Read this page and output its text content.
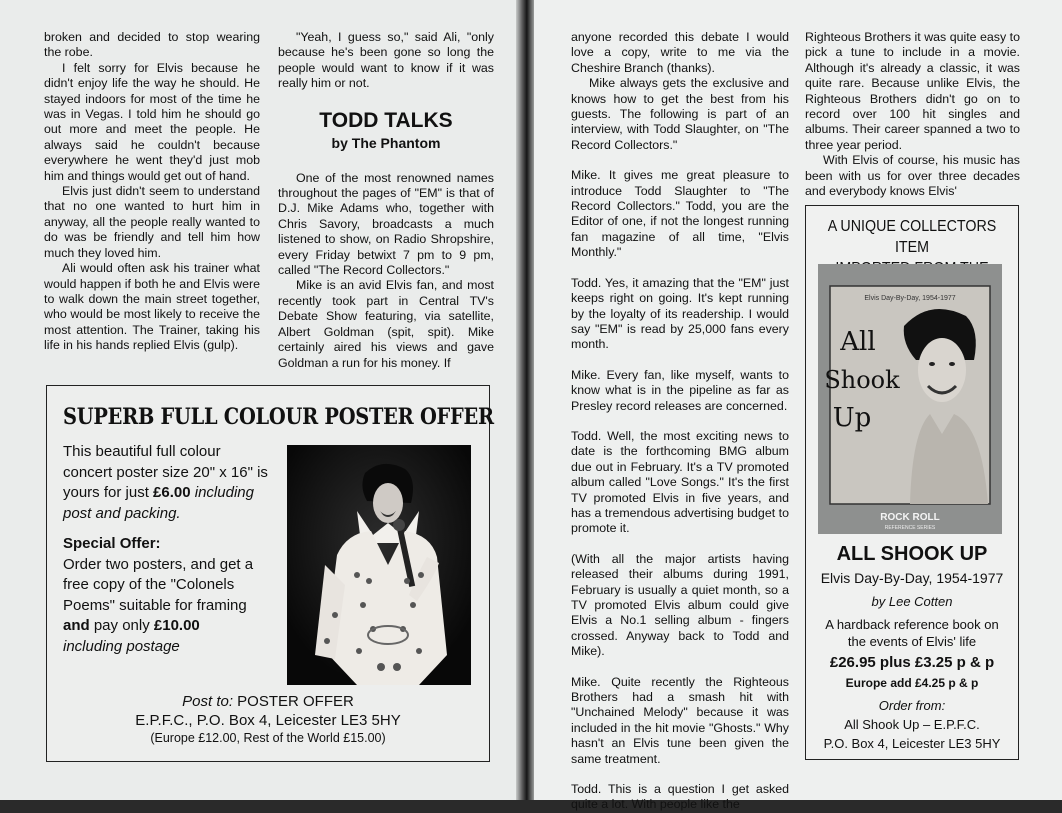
broken and decided to stop wearing the robe.

I felt sorry for Elvis because he didn't enjoy life the way he should. He stayed indoors for most of the time he was in Vegas. I told him he should go out more and meet the people. He always said he couldn't because everywhere he went they'd just mob him and things would get out of hand.

Elvis just didn't seem to understand that no one wanted to hurt him in anyway, all the people really wanted to do was be friendly and tell him how much they loved him.

Ali would often ask his trainer what would happen if both he and Elvis were to walk down the main street together, who would be most likely to receive the most attention. The Trainer, taking his life in his hands replied Elvis (gulp).

"Yeah, I guess so," said Ali, "only because he's been gone so long the people would want to know if it was really him or not.

TODD TALKS
by The Phantom

One of the most renowned names throughout the pages of "EM" is that of D.J. Mike Adams who, together with Chris Savory, broadcasts a much listened to show, on Radio Shropshire, every Friday betwixt 7 pm to 9 pm, called "The Record Collectors."

Mike is an avid Elvis fan, and most recently took part in Central TV's Debate Show featuring, via satellite, Albert Goldman (spit, spit). Mike certainly aired his views and gave Goldman a run for his money. If

SUPERB FULL COLOUR POSTER OFFER

This beautiful full colour concert poster size 20" x 16" is yours for just £6.00 including post and packing.

Special Offer:
Order two posters, and get a free copy of the "Colonels Poems" suitable for framing and pay only £10.00
including postage

Post to: POSTER OFFER
E.P.F.C., P.O. Box 4, Leicester LE3 5HY
(Europe £12.00, Rest of the World £15.00)

anyone recorded this debate I would love a copy, write to me via the Cheshire Branch (thanks).

Mike always gets the exclusive and knows how to get the best from his guests. The following is part of an interview, with Todd Slaughter, on "The Record Collectors."

Mike. It gives me great pleasure to introduce Todd Slaughter to "The Record Collectors." Todd, you are the Editor of one, if not the longest running fan magazine of all time, "Elvis Monthly."

Todd. Yes, it amazing that the "EM" just keeps right on going. It's kept running by the loyalty of its readership. I would say "EM" is read by 25,000 fans every month.

Mike. Every fan, like myself, wants to know what is in the pipeline as far as Presley record releases are concerned.

Todd. Well, the most exciting news to date is the forthcoming BMG album due out in February. It's a TV promoted album called "Love Songs." It's the first TV promoted Elvis in five years, and has a tremendous advertising budget to promote it.

(With all the major artists having released their albums during 1991, February is usually a quiet month, so a TV promoted Elvis album could give Elvis a No.1 selling album - fingers crossed. Anyway back to Todd and Mike).

Mike. Quite recently the Righteous Brothers had a smash hit with "Unchained Melody" because it was included in the hit movie "Ghosts." Why hasn't an Elvis tune been given the same treatment.

Todd. This is a question I get asked quite a lot. With people like the

Righteous Brothers it was quite easy to pick a tune to include in a movie. Although it's already a classic, it was quite rare. Because unlike Elvis, the Righteous Brothers didn't go on to record over 100 hit singles and albums. Their career spanned a two to three year period.

With Elvis of course, his music has been with us for over three decades and everybody knows Elvis'

A UNIQUE COLLECTORS ITEM
Elvis Day-By-Day, 1954-1977
All
Shook
Up
ROCK ROLL
REFERENCE SERIES
ALL SHOOK UP
Elvis Day-By-Day, 1954-1977
by Lee Cotten
A hardback reference book on the events of Elvis' life
£26.95 plus £3.25 p & p
Europe add £4.25 p & p
Order from:
All Shook Up – E.P.F.C.
P.O. Box 4, Leicester LE3 5HY
